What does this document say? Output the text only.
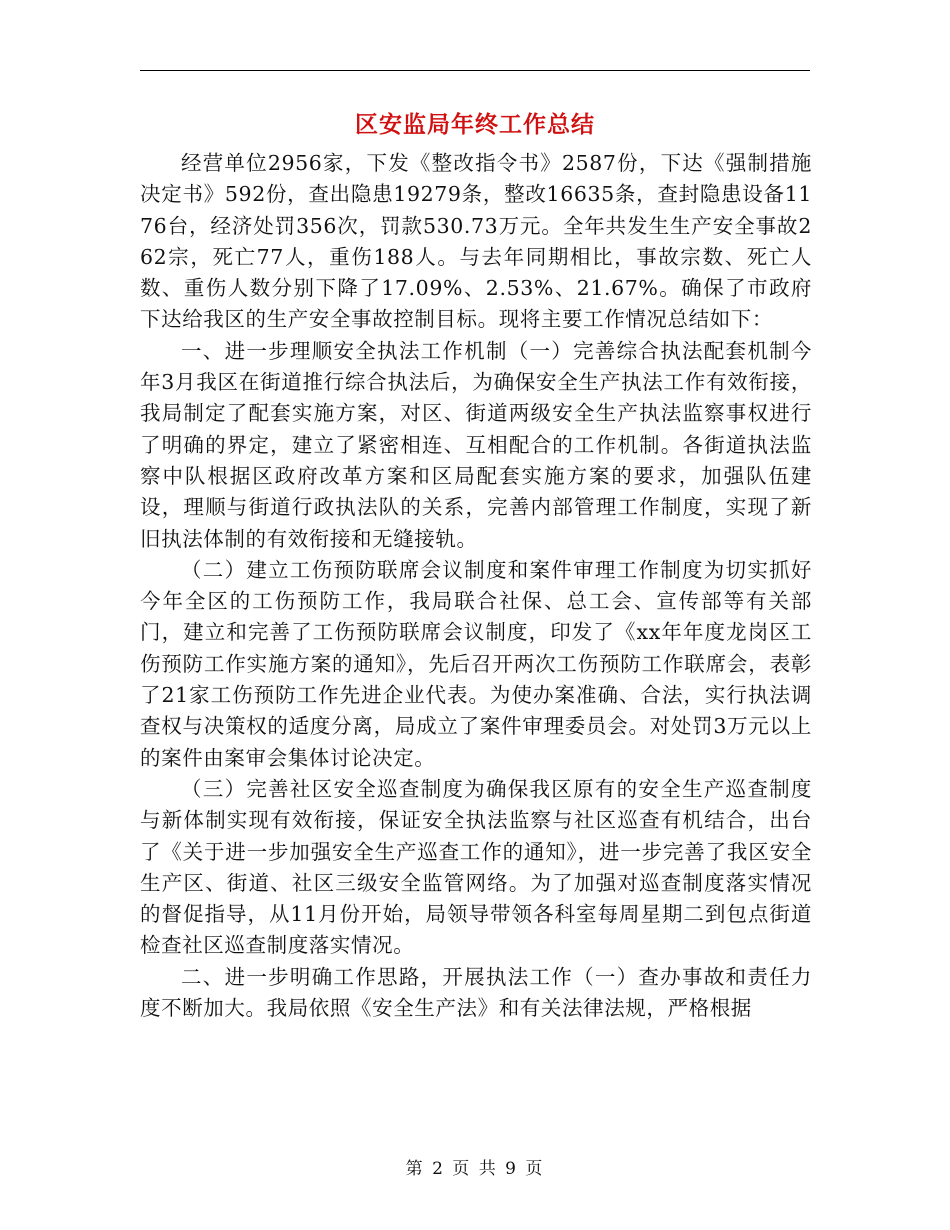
区安监局年终工作总结

经营单位2956家，下发《整改指令书》2587份，下达《强制措施决定书》592份，查出隐患19279条，整改16635条，查封隐患设备1176台，经济处罚356次，罚款530.73万元。全年共发生生产安全事故262宗，死亡77人，重伤188人。与去年同期相比，事故宗数、死亡人数、重伤人数分别下降了17.09%、2.53%、21.67%。确保了市政府下达给我区的生产安全事故控制目标。现将主要工作情况总结如下：

一、进一步理顺安全执法工作机制（一）完善综合执法配套机制今年3月我区在街道推行综合执法后，为确保安全生产执法工作有效衔接，我局制定了配套实施方案，对区、街道两级安全生产执法监察事权进行了明确的界定，建立了紧密相连、互相配合的工作机制。各街道执法监察中队根据区政府改革方案和区局配套实施方案的要求，加强队伍建设，理顺与街道行政执法队的关系，完善内部管理工作制度，实现了新旧执法体制的有效衔接和无缝接轨。

（二）建立工伤预防联席会议制度和案件审理工作制度为切实抓好今年全区的工伤预防工作，我局联合社保、总工会、宣传部等有关部门，建立和完善了工伤预防联席会议制度，印发了《xx年年度龙岗区工伤预防工作实施方案的通知》，先后召开两次工伤预防工作联席会，表彰了21家工伤预防工作先进企业代表。为使办案准确、合法，实行执法调查权与决策权的适度分离，局成立了案件审理委员会。对处罚3万元以上的案件由案审会集体讨论决定。

（三）完善社区安全巡查制度为确保我区原有的安全生产巡查制度与新体制实现有效衔接，保证安全执法监察与社区巡查有机结合，出台了《关于进一步加强安全生产巡查工作的通知》，进一步完善了我区安全生产区、街道、社区三级安全监管网络。为了加强对巡查制度落实情况的督促指导，从11月份开始，局领导带领各科室每周星期二到包点街道检查社区巡查制度落实情况。

二、进一步明确工作思路，开展执法工作（一）查办事故和责任力度不断加大。我局依照《安全生产法》和有关法律法规，严格根据

第 2 页 共 9 页
